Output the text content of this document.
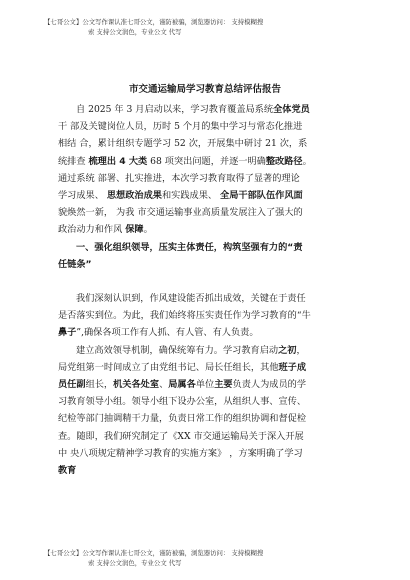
【七哥公文】公文写作课认准七哥公文，谨防被骗，浏览器访问： 支持模糊搜
索 支持公文润色，专业公文 代写
市交通运输局学习教育总结评估报告
自 2025 年 3 月启动以来，学习教育覆盖局系统全体党员
干 部及关键岗位人员，历时 5 个月的集中学习与常态化推进
相结 合，累计组织专题学习 52 次，开展集中研讨 21 次，系
统排查 梳理出 4 大类 68 项突出问题，并逐一明确整改路径。
通过系统 部署、扎实推进，本次学习教育取得了显著的理论
学习成果、 思想政治成果和实践成果、 全局干部队伍作风面
貌焕然一新， 为我 市交通运输事业高质量发展注入了强大的
政治动力和作风 保障。
一、强化组织领导，压实主体责任，构筑坚强有力的“责
任链条”
我们深刻认识到，作风建设能否抓出成效，关键在于责任
是否落实到位。为此，我们始终将压实责任作为学习教育的“牛
鼻子”,确保各项工作有人抓、有人管、有人负责。
建立高效领导机制，确保统筹有力。学习教育启动之初，
局党组第一时间成立了由党组书记、局长任组长，其他班子成
员任副组长，机关各处室、局属各单位主要负责人为成员的学
习教育领导小组。领导小组下设办公室，从组织人事、宣传、
纪检等部门抽调精干力量，负责日常工作的组织协调和督促检
查。随即，我们研究制定了《XX 市交通运输局关于深入开展
中 央八项规定精神学习教育的实施方案》 ，方案明确了学习
教育
【七哥公文】公文写作课认准七哥公文，谨防被骗，浏览器访问： 支持模糊搜
索 支持公文润色，专业公文 代写
